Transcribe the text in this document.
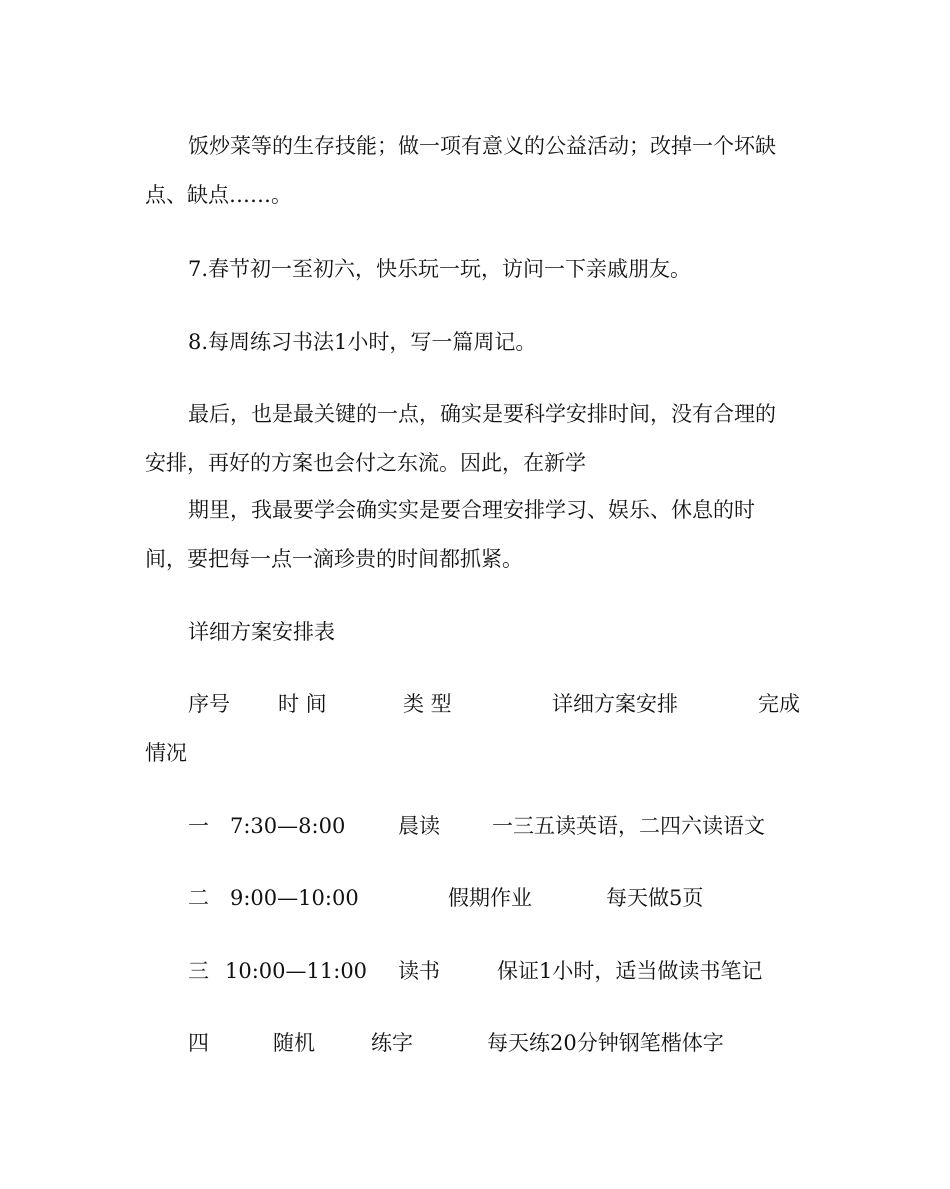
饭炒菜等的生存技能；做一项有意义的公益活动；改掉一个坏缺
点、缺点……。
7.春节初一至初六，快乐玩一玩，访问一下亲戚朋友。
8.每周练习书法1小时，写一篇周记。
最后，也是最关键的一点，确实是要科学安排时间，没有合理的
安排，再好的方案也会付之东流。因此，在新学
期里，我最要学会确实实是要合理安排学习、娱乐、休息的时
间，要把每一点一滴珍贵的时间都抓紧。
详细方案安排表
序号 时 间	类 型	详细方案安排	完成
情况
一 7:30—8:00	晨读 一三五读英语，二四六读语文
二 9:00—10:00	假期作业	每天做5页
三 10:00—11:00 读书	保证1小时，适当做读书笔记
四	随机	练字	每天练20分钟钢笔楷体字
